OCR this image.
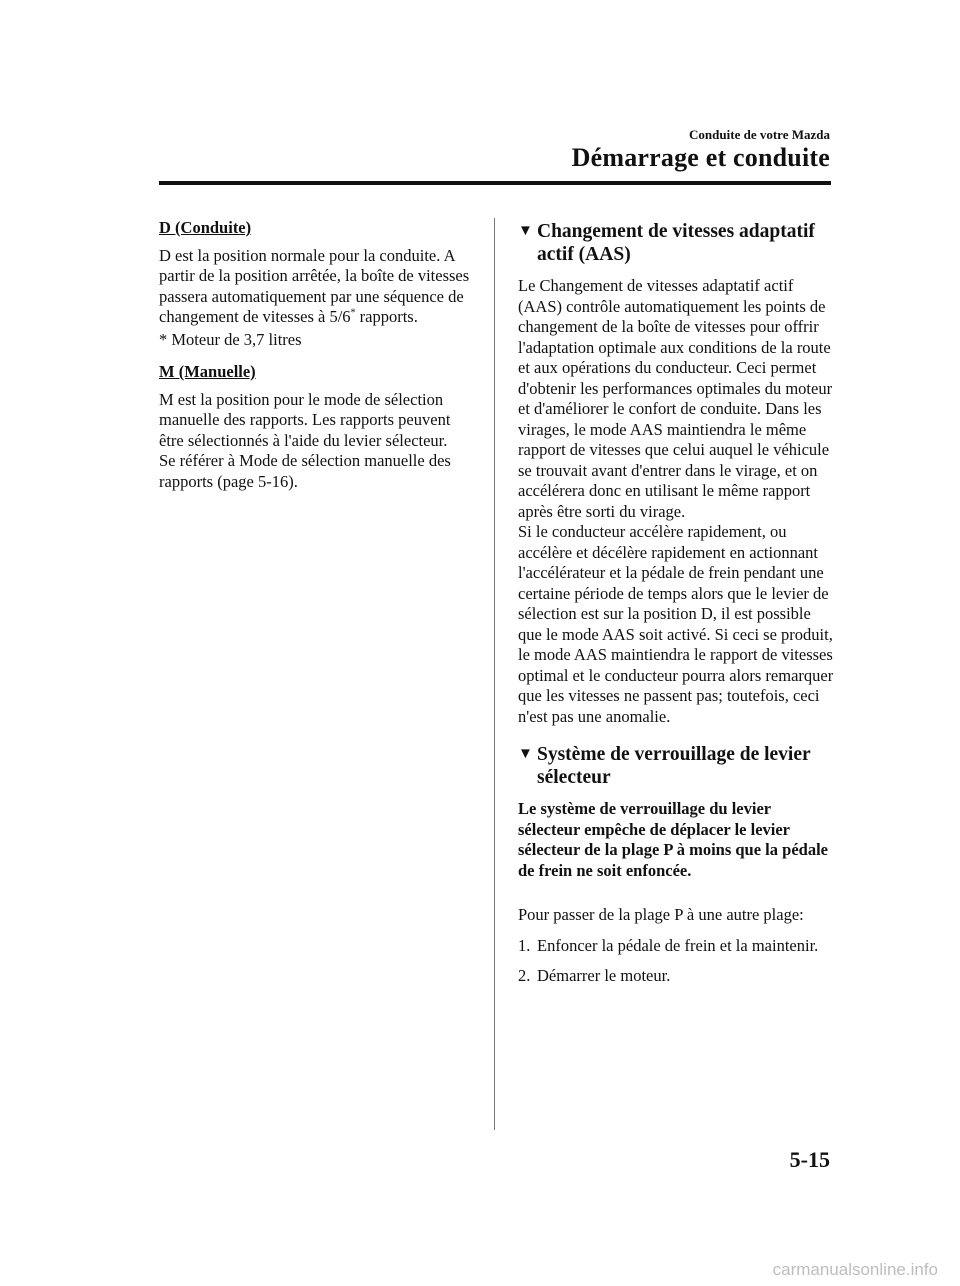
Conduite de votre Mazda
Démarrage et conduite
D (Conduite)

D est la position normale pour la conduite. A partir de la position arrêtée, la boîte de vitesses passera automatiquement par une séquence de changement de vitesses à 5/6* rapports.

* Moteur de 3,7 litres

M (Manuelle)

M est la position pour le mode de sélection manuelle des rapports. Les rapports peuvent être sélectionnés à l'aide du levier sélecteur.

Se référer à Mode de sélection manuelle des rapports (page 5-16).

▼ Changement de vitesses adaptatif actif (AAS)

Le Changement de vitesses adaptatif actif (AAS) contrôle automatiquement les points de changement de la boîte de vitesses pour offrir l'adaptation optimale aux conditions de la route et aux opérations du conducteur. Ceci permet d'obtenir les performances optimales du moteur et d'améliorer le confort de conduite. Dans les virages, le mode AAS maintiendra le même rapport de vitesses que celui auquel le véhicule se trouvait avant d'entrer dans le virage, et on accélérera donc en utilisant le même rapport après être sorti du virage.

Si le conducteur accélère rapidement, ou accélère et décélère rapidement en actionnant l'accélérateur et la pédale de frein pendant une certaine période de temps alors que le levier de sélection est sur la position D, il est possible que le mode AAS soit activé. Si ceci se produit, le mode AAS maintiendra le rapport de vitesses optimal et le conducteur pourra alors remarquer que les vitesses ne passent pas; toutefois, ceci n'est pas une anomalie.

▼ Système de verrouillage de levier sélecteur

Le système de verrouillage du levier sélecteur empêche de déplacer le levier sélecteur de la plage P à moins que la pédale de frein ne soit enfoncée.

Pour passer de la plage P à une autre plage:

1. Enfoncer la pédale de frein et la maintenir.
2. Démarrer le moteur.
5-15
carmanualsonline.info
